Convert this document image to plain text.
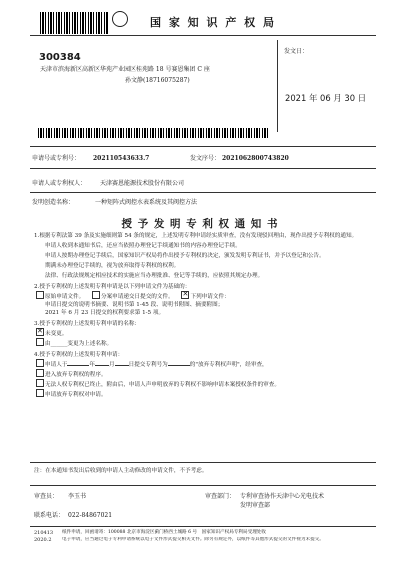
国 家 知 识 产 权 局
300384
天津市滨海新区高新区华苑产业园区桂苑路 18 号赛恩集团 C 座
孙文静(18716075287)
发文日：
2021 年 06 月 30 日
申请号或专利号： 202110543633.7	发文序号： 2021062800743820
申请人或专利权人： 天津赛恩能源技术股份有限公司
发明创造名称：	一种矩阵式阀控水表系统及其阀控方法
授 予 发 明 专 利 权 通 知 书
1.根据专利法第 39 条及实施细则第 54 条的规定，上述发明专利申请经实质审查，没有发现驳回理由，现作出授予专利权的通知。
申请人收到本通知书后，还应当依照办理登记手续通知书的内容办理登记手续。
申请人按期办理登记手续后，国家知识产权局将作出授予专利权的决定，颁发发明专利证书，并予以登记和公告。
期满未办理登记手续的，视为放弃取得专利权的权利。
法律、行政法规规定相应技术的实施应当办理批准、登记等手续的，应依照其规定办理。
2.授予专利权的上述发明专利申请是以下列申请文件为基础的：
原始申请文件。	分案申请递交日提交的文件。 ✕	下列申请文件：
申请日提交的说明书摘要、说明书第 1-45 段、说明书附图、摘要附图；
2021 年 6 月 23 日提交的权利要求第 1-5 项。
3.授予专利权的上述发明专利申请的名称：
✕未变更。
由______变更为上述名称。
4.授予专利权的上述发明专利申请：
申请人于	年	月	日提交专利号为	的"放弃专利权声明"，经审查，
进入放弃专利权的程序。
无法人权专利权已终止，附由后，申请人声申明放弃的专利权不影响申请本案授权条件的审查。
申请放弃专利权对申请。
注：在本通知书发出后收到的申请人主动修改的申请文件，不予考虑。
审查员： 李玉书
联系电话： 022-84867021
审查部门： 专利审查协作天津中心光电技术
发明审查部
210413
2020.2
纸件申请，回函请寄：100088 北京市海淀区蓟门桥西土城路 6 号　国家知识产权局专利局受理处收
电子申请，应当通过电子专利申请系统以电子文件形式提交相关文件。除另有规定外，以纸件等其他形式提交的文件视为未提交。
